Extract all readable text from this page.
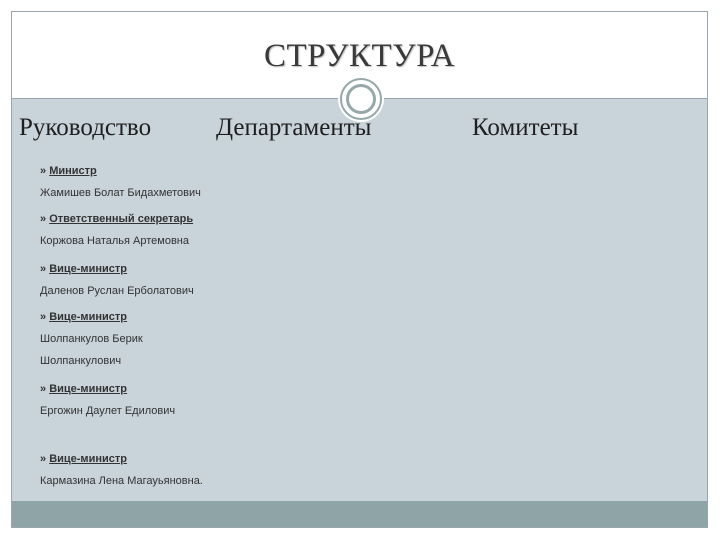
СТРУКТУРА
Руководство	Департаменты	Комитеты
» Министр
Жамишев Болат Бидахметович
» Ответственный секретарь
Коржова Наталья Артемовна
» Вице-министр
Даленов Руслан Ерболатович
» Вице-министр
Шолпанкулов Берик
Шолпанкулович
» Вице-министр
Ергожин Даулет Едилович
» Вице-министр
Кармазина Лена Магауьяновна.
